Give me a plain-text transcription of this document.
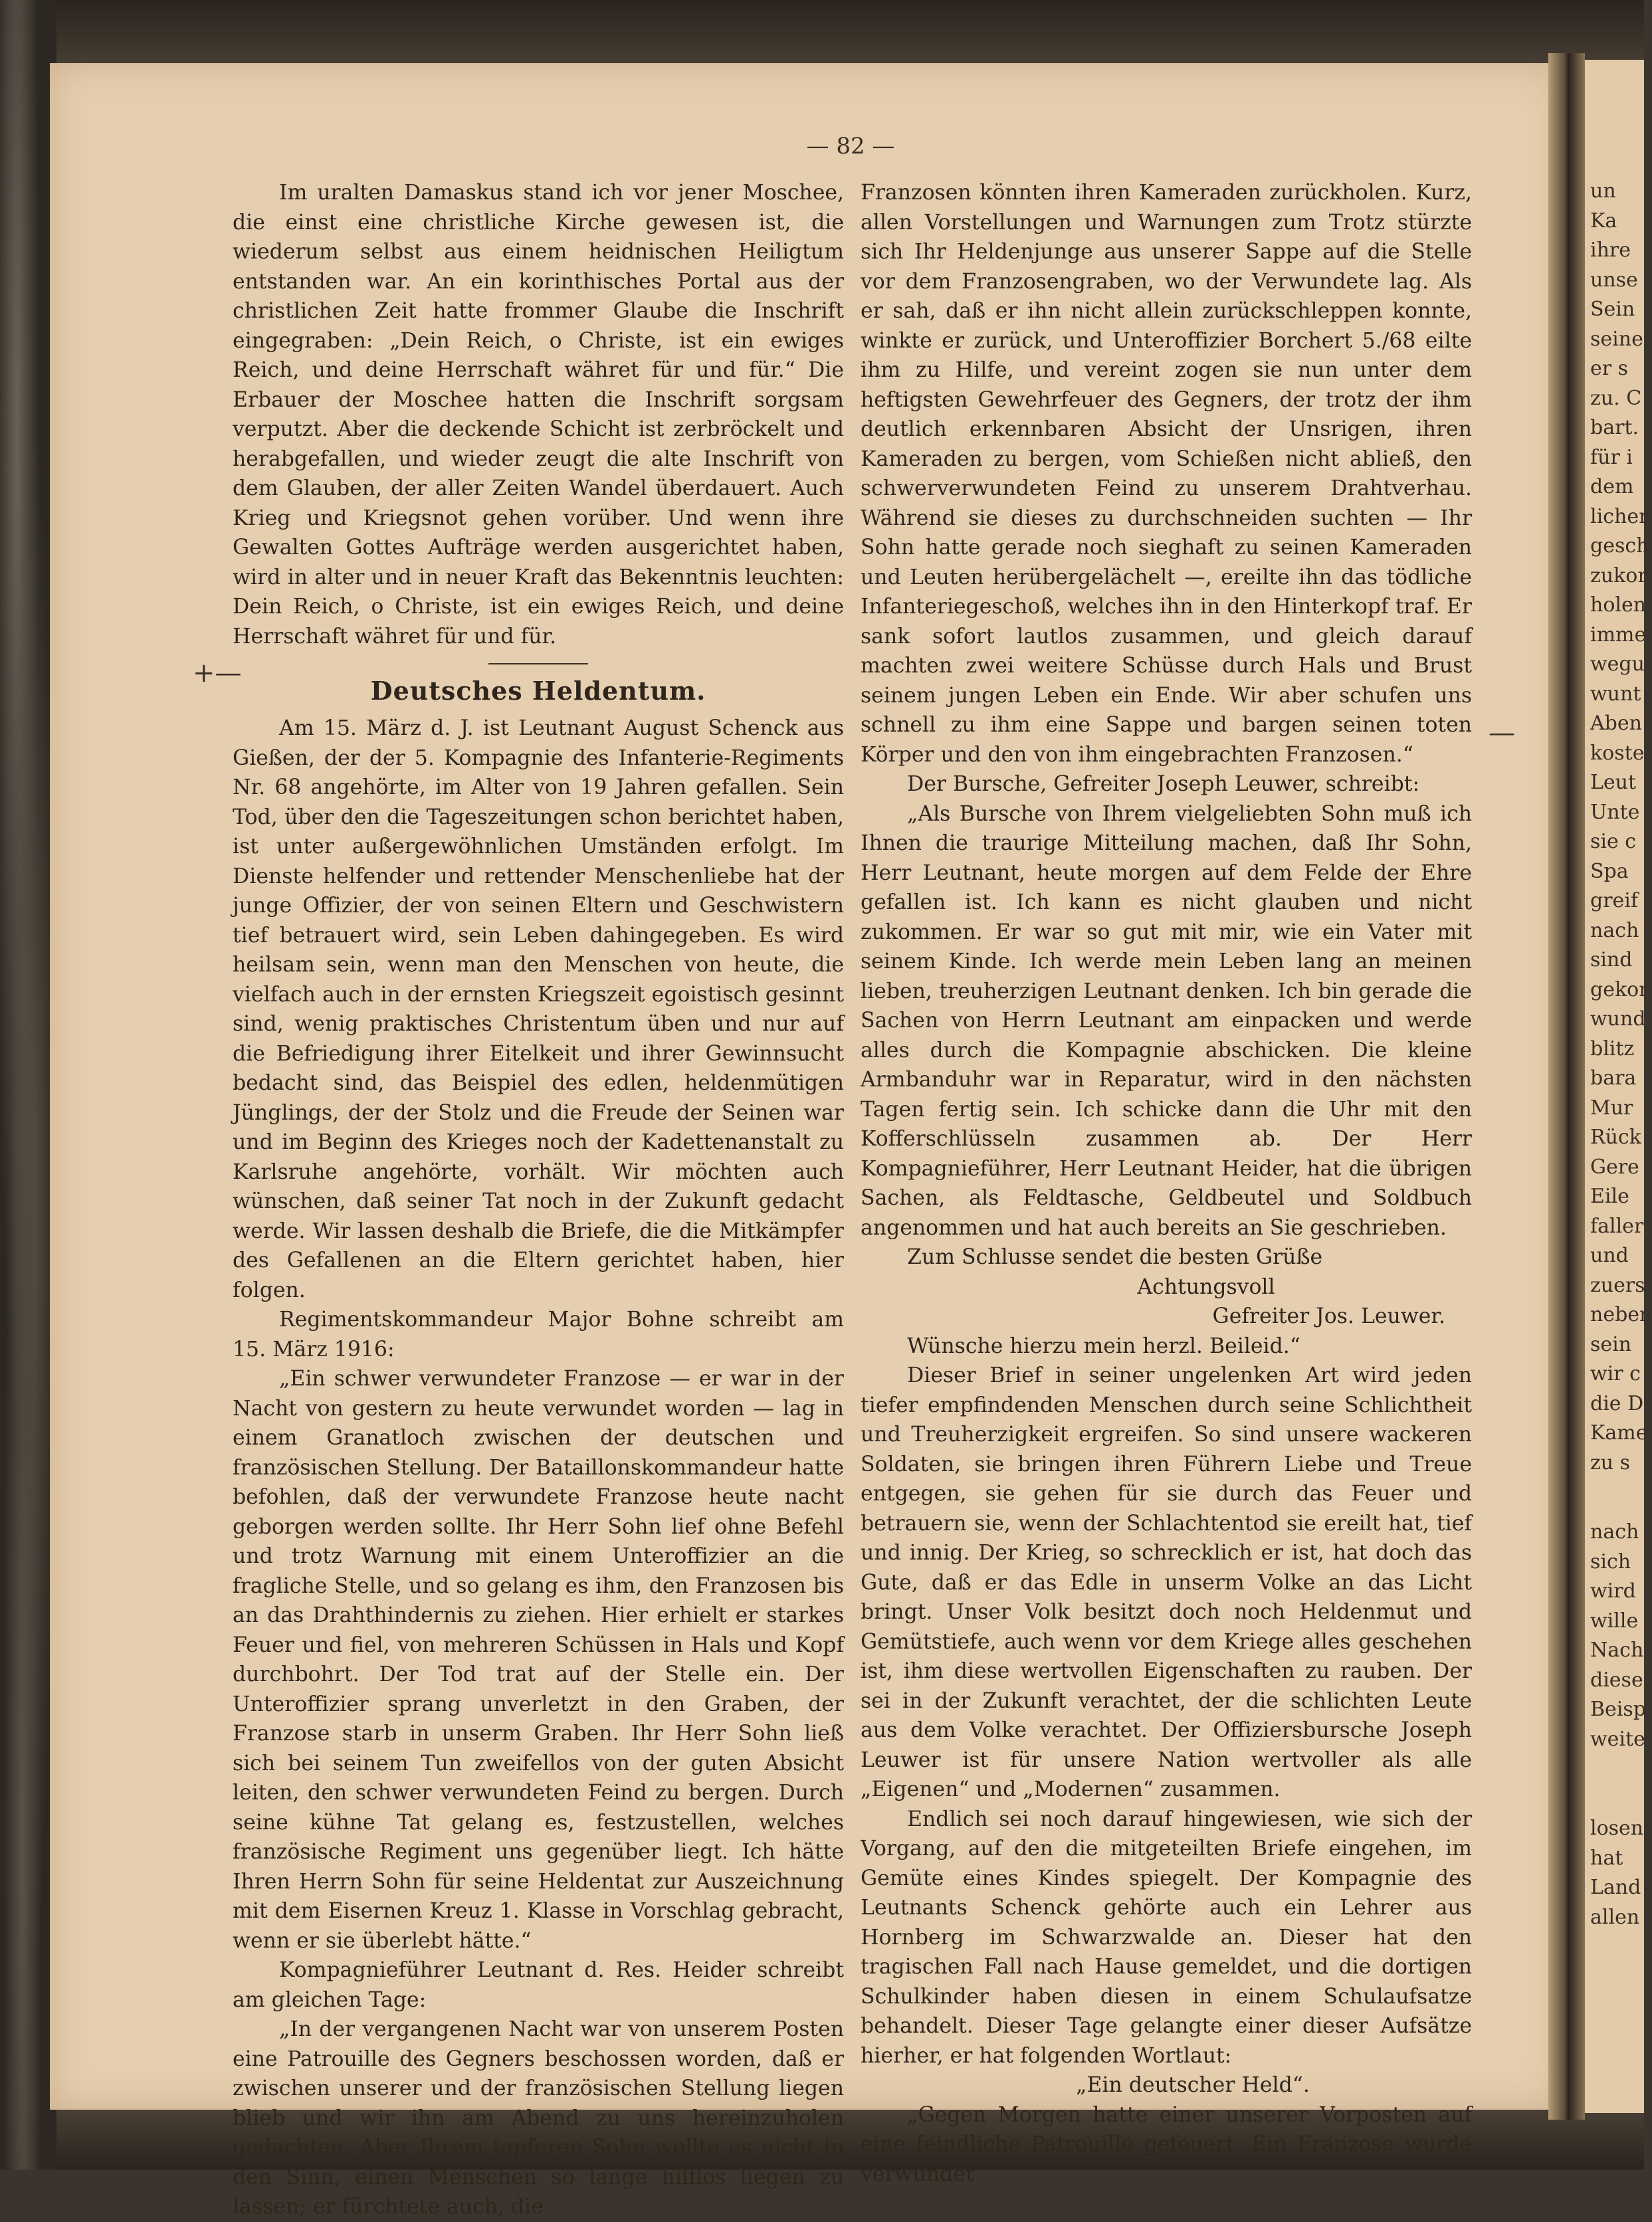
un
Ka
ihre
unse
Sein
seine
er s
zu. C
bart.
für i
dem
licher
gesch
zukor
holen
imme
wegu
wunt
Aben
koste
Leut
Unte
sie c
Spa
greif
nach
sind
gekor
wund
blitz
bara
Mur
Rück
Gere
Eile
faller
und
zuers
neben
sein
wir c
die D
Kame
zu s
nach
sich
wird
wille
Nach
diese
Beisp
weite
losen
hat
Land
allen
— 82 —
+—
—

Im uralten Damaskus stand ich vor jener Moschee, die einst eine christliche Kirche gewesen ist, die wiederum selbst aus einem heidnischen Heiligtum entstanden war. An ein korinthisches Portal aus der christlichen Zeit hatte frommer Glaube die Inschrift eingegraben: „Dein Reich, o Christe, ist ein ewiges Reich, und deine Herrschaft währet für und für.“ Die Erbauer der Moschee hatten die Inschrift sorgsam verputzt. Aber die deckende Schicht ist zerbröckelt und herabgefallen, und wieder zeugt die alte Inschrift von dem Glauben, der aller Zeiten Wandel überdauert. Auch Krieg und Kriegsnot gehen vorüber. Und wenn ihre Gewalten Gottes Aufträge werden ausgerichtet haben, wird in alter und in neuer Kraft das Bekenntnis leuchten: Dein Reich, o Christe, ist ein ewiges Reich, und deine Herrschaft währet für und für.

Deutsches Heldentum.

Am 15. März d. J. ist Leutnant August Schenck aus Gießen, der der 5. Kompagnie des Infanterie-Regiments Nr. 68 angehörte, im Alter von 19 Jahren gefallen. Sein Tod, über den die Tageszeitungen schon berichtet haben, ist unter außergewöhnlichen Umständen erfolgt. Im Dienste helfender und rettender Menschenliebe hat der junge Offizier, der von seinen Eltern und Geschwistern tief betrauert wird, sein Leben dahingegeben. Es wird heilsam sein, wenn man den Menschen von heute, die vielfach auch in der ernsten Kriegszeit egoistisch gesinnt sind, wenig praktisches Christentum üben und nur auf die Befriedigung ihrer Eitelkeit und ihrer Gewinnsucht bedacht sind, das Beispiel des edlen, heldenmütigen Jünglings, der der Stolz und die Freude der Seinen war und im Beginn des Krieges noch der Kadettenanstalt zu Karlsruhe angehörte, vorhält. Wir möchten auch wünschen, daß seiner Tat noch in der Zukunft gedacht werde. Wir lassen deshalb die Briefe, die die Mitkämpfer des Gefallenen an die Eltern gerichtet haben, hier folgen.

Regimentskommandeur Major Bohne schreibt am 15. März 1916:

„Ein schwer verwundeter Franzose — er war in der Nacht von gestern zu heute verwundet worden — lag in einem Granatloch zwischen der deutschen und französischen Stellung. Der Bataillonskommandeur hatte befohlen, daß der verwundete Franzose heute nacht geborgen werden sollte. Ihr Herr Sohn lief ohne Befehl und trotz Warnung mit einem Unteroffizier an die fragliche Stelle, und so gelang es ihm, den Franzosen bis an das Drahthindernis zu ziehen. Hier erhielt er starkes Feuer und fiel, von mehreren Schüssen in Hals und Kopf durchbohrt. Der Tod trat auf der Stelle ein. Der Unteroffizier sprang unverletzt in den Graben, der Franzose starb in unserm Graben. Ihr Herr Sohn ließ sich bei seinem Tun zweifellos von der guten Absicht leiten, den schwer verwundeten Feind zu bergen. Durch seine kühne Tat gelang es, festzustellen, welches französische Regiment uns gegenüber liegt. Ich hätte Ihren Herrn Sohn für seine Heldentat zur Auszeichnung mit dem Eisernen Kreuz 1. Klasse in Vorschlag gebracht, wenn er sie überlebt hätte.“

Kompagnieführer Leutnant d. Res. Heider schreibt am gleichen Tage:

„In der vergangenen Nacht war von unserem Posten eine Patrouille des Gegners beschossen worden, daß er zwischen unserer und der französischen Stellung liegen blieb und wir ihn am Abend zu uns hereinzuholen gedachten. Aber Ihrem tapferen Sohn wollte es nicht in den Sinn, einen Menschen so lange hilflos liegen zu lassen; er fürchtete auch, die

Franzosen könnten ihren Kameraden zurückholen. Kurz, allen Vorstellungen und Warnungen zum Trotz stürzte sich Ihr Heldenjunge aus unserer Sappe auf die Stelle vor dem Franzosengraben, wo der Verwundete lag. Als er sah, daß er ihn nicht allein zurückschleppen konnte, winkte er zurück, und Unteroffizier Borchert 5./68 eilte ihm zu Hilfe, und vereint zogen sie nun unter dem heftigsten Gewehrfeuer des Gegners, der trotz der ihm deutlich erkennbaren Absicht der Unsrigen, ihren Kameraden zu bergen, vom Schießen nicht abließ, den schwerverwundeten Feind zu unserem Drahtverhau. Während sie dieses zu durchschneiden suchten — Ihr Sohn hatte gerade noch sieghaft zu seinen Kameraden und Leuten herübergelächelt —, ereilte ihn das tödliche Infanteriegeschoß, welches ihn in den Hinterkopf traf. Er sank sofort lautlos zusammen, und gleich darauf machten zwei weitere Schüsse durch Hals und Brust seinem jungen Leben ein Ende. Wir aber schufen uns schnell zu ihm eine Sappe und bargen seinen toten Körper und den von ihm eingebrachten Franzosen.“

Der Bursche, Gefreiter Joseph Leuwer, schreibt:

„Als Bursche von Ihrem vielgeliebten Sohn muß ich Ihnen die traurige Mitteilung machen, daß Ihr Sohn, Herr Leutnant, heute morgen auf dem Felde der Ehre gefallen ist. Ich kann es nicht glauben und nicht zukommen. Er war so gut mit mir, wie ein Vater mit seinem Kinde. Ich werde mein Leben lang an meinen lieben, treuherzigen Leutnant denken. Ich bin gerade die Sachen von Herrn Leutnant am einpacken und werde alles durch die Kompagnie abschicken. Die kleine Armbanduhr war in Reparatur, wird in den nächsten Tagen fertig sein. Ich schicke dann die Uhr mit den Kofferschlüsseln zusammen ab. Der Herr Kompagnieführer, Herr Leutnant Heider, hat die übrigen Sachen, als Feldtasche, Geldbeutel und Soldbuch angenommen und hat auch bereits an Sie geschrieben.

Zum Schlusse sendet die besten Grüße

Achtungsvoll

Gefreiter Jos. Leuwer.

Wünsche hierzu mein herzl. Beileid.“

Dieser Brief in seiner ungelenken Art wird jeden tiefer empfindenden Menschen durch seine Schlichtheit und Treuherzigkeit ergreifen. So sind unsere wackeren Soldaten, sie bringen ihren Führern Liebe und Treue entgegen, sie gehen für sie durch das Feuer und betrauern sie, wenn der Schlachtentod sie ereilt hat, tief und innig. Der Krieg, so schrecklich er ist, hat doch das Gute, daß er das Edle in unserm Volke an das Licht bringt. Unser Volk besitzt doch noch Heldenmut und Gemütstiefe, auch wenn vor dem Kriege alles geschehen ist, ihm diese wertvollen Eigenschaften zu rauben. Der sei in der Zukunft verachtet, der die schlichten Leute aus dem Volke verachtet. Der Offiziersbursche Joseph Leuwer ist für unsere Nation wertvoller als alle „Eigenen“ und „Modernen“ zusammen.

Endlich sei noch darauf hingewiesen, wie sich der Vorgang, auf den die mitgeteilten Briefe eingehen, im Gemüte eines Kindes spiegelt. Der Kompagnie des Leutnants Schenck gehörte auch ein Lehrer aus Hornberg im Schwarzwalde an. Dieser hat den tragischen Fall nach Hause gemeldet, und die dortigen Schulkinder haben diesen in einem Schulaufsatze behandelt. Dieser Tage gelangte einer dieser Aufsätze hierher, er hat folgenden Wortlaut:

„Ein deutscher Held“.

„Gegen Morgen hatte einer unserer Vorposten auf eine feindliche Patrouille gefeuert. Ein Franzose wurde verwundet
